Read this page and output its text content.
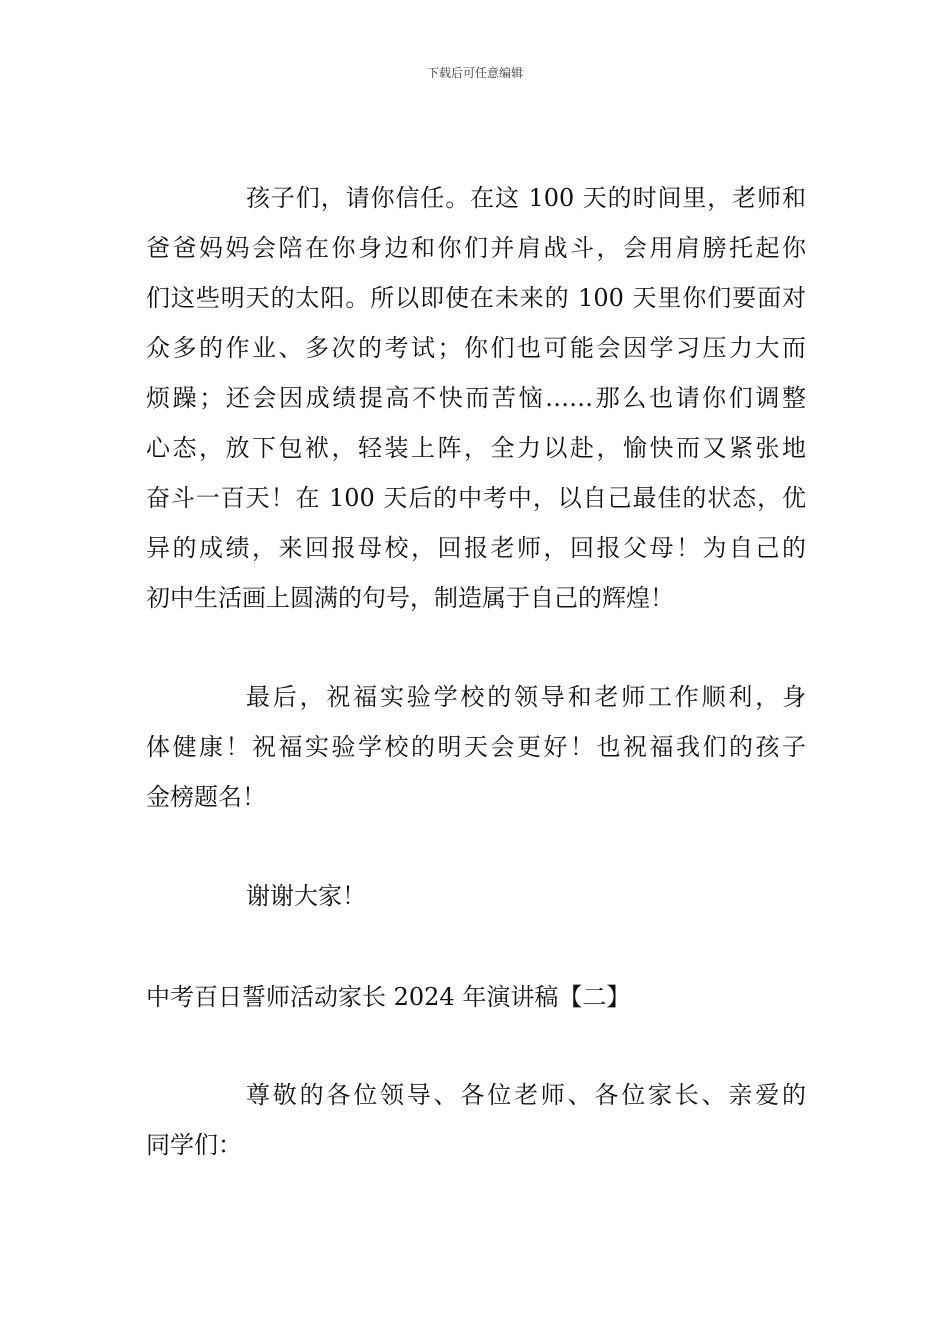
下载后可任意编辑
孩子们，请你信任。在这 100 天的时间里，老师和
爸爸妈妈会陪在你身边和你们并肩战斗，会用肩膀托起你
们这些明天的太阳。所以即使在未来的 100 天里你们要面对
众多的作业、多次的考试；你们也可能会因学习压力大而
烦躁；还会因成绩提高不快而苦恼……那么也请你们调整
心态，放下包袱，轻装上阵，全力以赴，愉快而又紧张地
奋斗一百天！在 100 天后的中考中，以自己最佳的状态，优
异的成绩，来回报母校，回报老师，回报父母！为自己的
初中生活画上圆满的句号，制造属于自己的辉煌！
最后，祝福实验学校的领导和老师工作顺利，身
体健康！祝福实验学校的明天会更好！也祝福我们的孩子
金榜题名！
谢谢大家！
中考百日誓师活动家长 2024 年演讲稿【二】
尊敬的各位领导、各位老师、各位家长、亲爱的
同学们：
